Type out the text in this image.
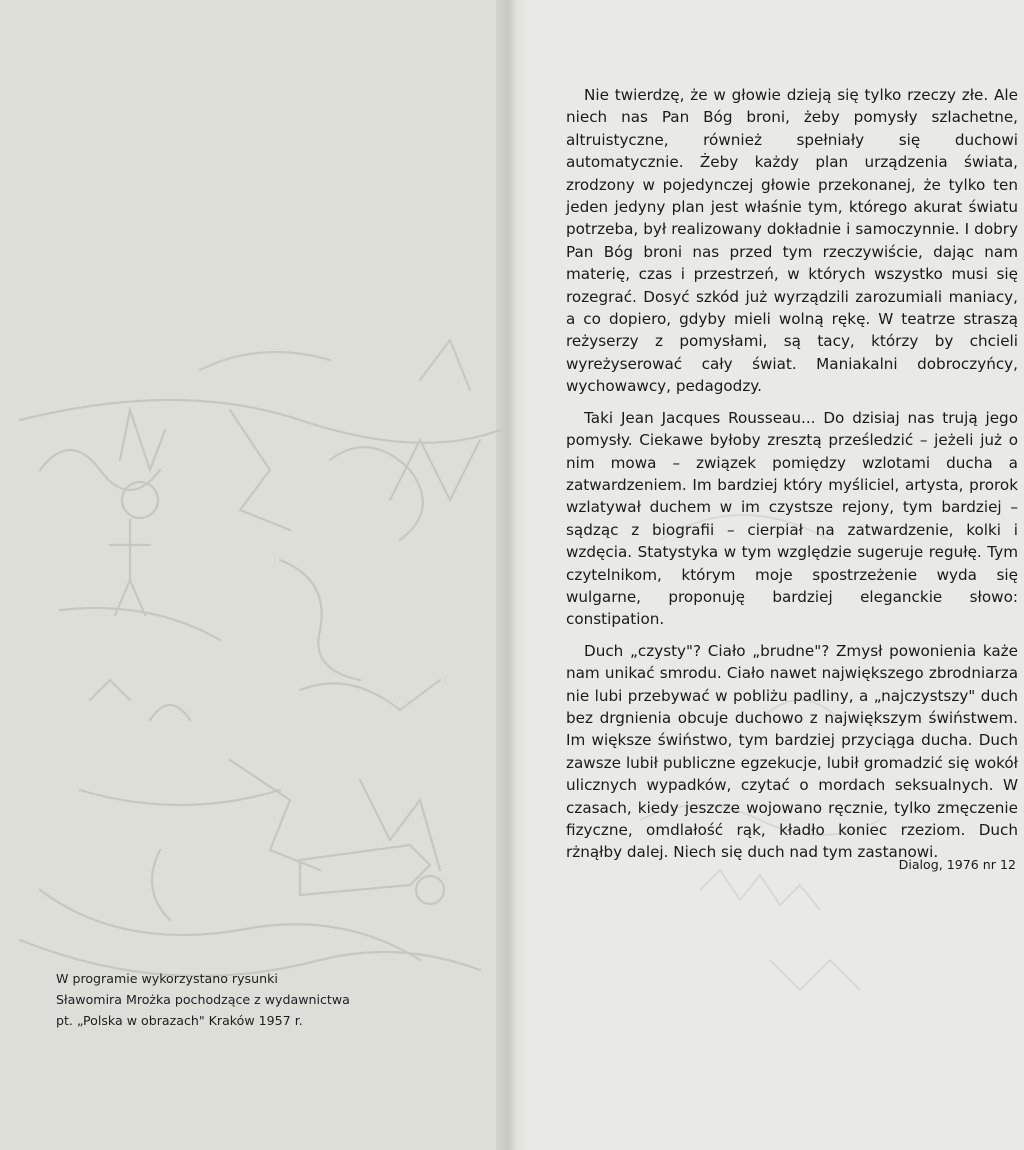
W programie wykorzystano rysunki
Sławomira Mrożka pochodzące z wydawnictwa
pt. „Polska w obrazach" Kraków 1957 r.

Nie twierdzę, że w głowie dzieją się tylko rzeczy złe. Ale niech nas Pan Bóg broni, żeby pomysły szlachetne, altruistyczne, również spełniały się duchowi automatycznie. Żeby każdy plan urządzenia świata, zrodzony w pojedynczej głowie przekonanej, że tylko ten jeden jedyny plan jest właśnie tym, którego akurat światu potrzeba, był realizowany dokładnie i samoczynnie. I dobry Pan Bóg broni nas przed tym rzeczywiście, dając nam materię, czas i przestrzeń, w których wszystko musi się rozegrać. Dosyć szkód już wyrządzili zarozumiali maniacy, a co dopiero, gdyby mieli wolną rękę. W teatrze straszą reżyserzy z pomysłami, są tacy, którzy by chcieli wyreżyserować cały świat. Maniakalni dobroczyńcy, wychowawcy, pedagodzy.

Taki Jean Jacques Rousseau... Do dzisiaj nas trują jego pomysły. Ciekawe byłoby zresztą prześledzić – jeżeli już o nim mowa – związek pomiędzy wzlotami ducha a zatwardzeniem. Im bardziej który myśliciel, artysta, prorok wzlatywał duchem w im czystsze rejony, tym bardziej – sądząc z biografii – cierpiał na zatwardzenie, kolki i wzdęcia. Statystyka w tym względzie sugeruje regułę. Tym czytelnikom, którym moje spostrzeżenie wyda się wulgarne, proponuję bardziej eleganckie słowo: constipation.

Duch „czysty"? Ciało „brudne"? Zmysł powonienia każe nam unikać smrodu. Ciało nawet największego zbrodniarza nie lubi przebywać w pobliżu padliny, a „najczystszy" duch bez drgnienia obcuje duchowo z największym świństwem. Im większe świństwo, tym bardziej przyciąga ducha. Duch zawsze lubił publiczne egzekucje, lubił gromadzić się wokół ulicznych wypadków, czytać o mordach seksualnych. W czasach, kiedy jeszcze wojowano ręcznie, tylko zmęczenie fizyczne, omdlałość rąk, kładło koniec rzeziom. Duch rżnąłby dalej. Niech się duch nad tym zastanowi.

Dialog, 1976 nr 12
